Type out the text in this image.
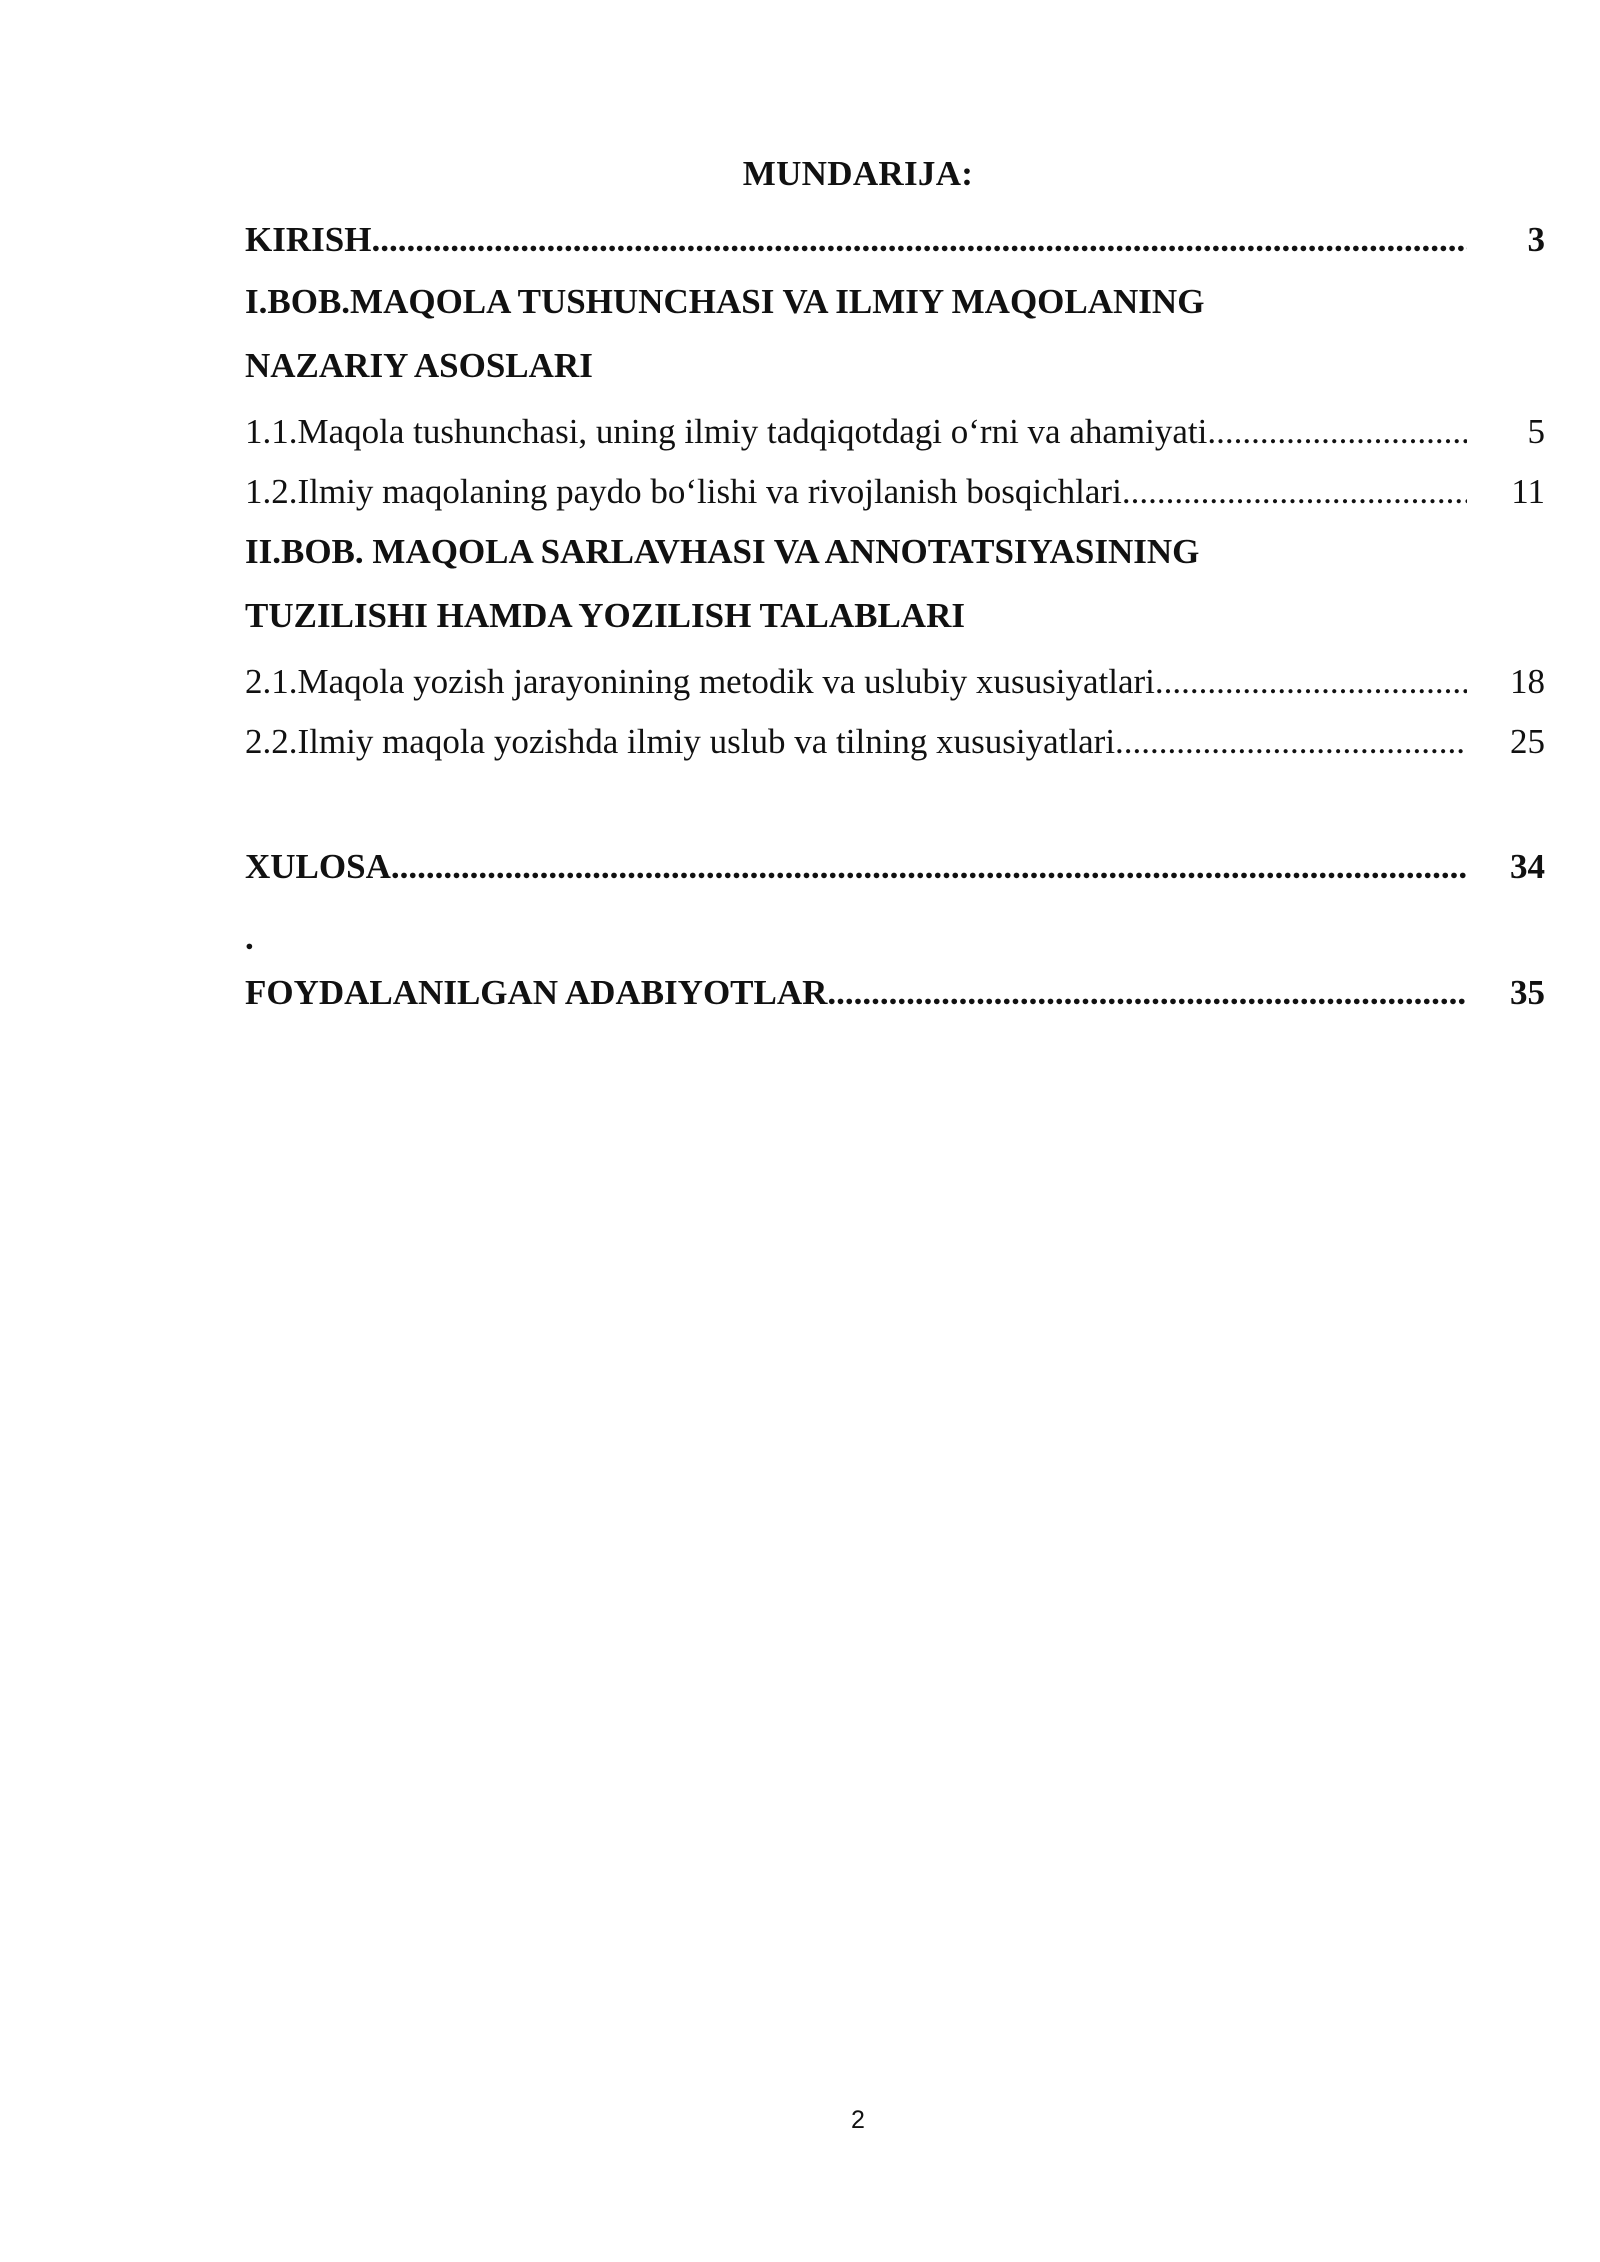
MUNDARIJA:
KIRISH .....	3
I.BOB.MAQOLA TUSHUNCHASI VA ILMIY MAQOLANING
NAZARIY ASOSLARI
1.1.Maqola tushunchasi, uning ilmiy tadqiqotdagi o‘rni va ahamiyati .....	5
1.2.Ilmiy maqolaning paydo bo‘lishi va rivojlanish bosqichlari .....	11
II.BOB. MAQOLA SARLAVHASI VA ANNOTATSIYASINING
TUZILISHI HAMDA YOZILISH TALABLARI
2.1.Maqola yozish jarayonining metodik va uslubiy xususiyatlari .....	18
2.2.Ilmiy maqola yozishda ilmiy uslub va tilning xususiyatlari .....	25
XULOSA .....	34
.
FOYDALANILGAN ADABIYOTLAR .....	35
2
